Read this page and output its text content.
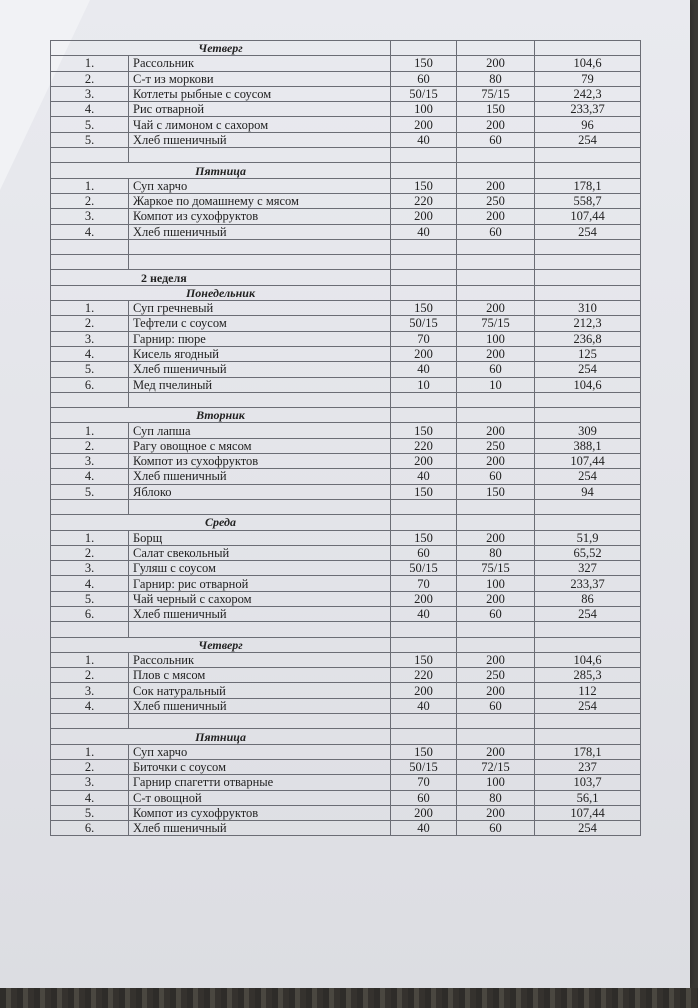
Четверг				
1.	Рассольник	150	200	104,6
2.	С-т из моркови	60	80	79
3.	Котлеты рыбные с соусом	50/15	75/15	242,3
4.	Рис отварной	100	150	233,37
5.	Чай с лимоном с сахором	200	200	96
5.	Хлеб пшеничный	40	60	254

Пятница				
1.	Суп харчо	150	200	178,1
2.	Жаркое по домашнему с мясом	220	250	558,7
3.	Компот из сухофруктов	200	200	107,44
4.	Хлеб пшеничный	40	60	254

2 неделя				
Понедельник				
1.	Суп гречневый	150	200	310
2.	Тефтели с соусом	50/15	75/15	212,3
3.	Гарнир: пюре	70	100	236,8
4.	Кисель ягодный	200	200	125
5.	Хлеб пшеничный	40	60	254
6.	Мед пчелиный	10	10	104,6

Вторник				
1.	Суп лапша	150	200	309
2.	Рагу овощное с мясом	220	250	388,1
3.	Компот из сухофруктов	200	200	107,44
4.	Хлеб пшеничный	40	60	254
5.	Яблоко	150	150	94

Среда				
1.	Борщ	150	200	51,9
2.	Салат свекольный	60	80	65,52
3.	Гуляш с соусом	50/15	75/15	327
4.	Гарнир: рис отварной	70	100	233,37
5.	Чай черный с сахором	200	200	86
6.	Хлеб пшеничный	40	60	254

Четверг				
1.	Рассольник	150	200	104,6
2.	Плов с мясом	220	250	285,3
3.	Сок натуральный	200	200	112
4.	Хлеб пшеничный	40	60	254

Пятница				
1.	Суп харчо	150	200	178,1
2.	Биточки с соусом	50/15	72/15	237
3.	Гарнир спагетти отварные	70	100	103,7
4.	С-т овощной	60	80	56,1
5.	Компот из сухофруктов	200	200	107,44
6.	Хлеб пшеничный	40	60	254
